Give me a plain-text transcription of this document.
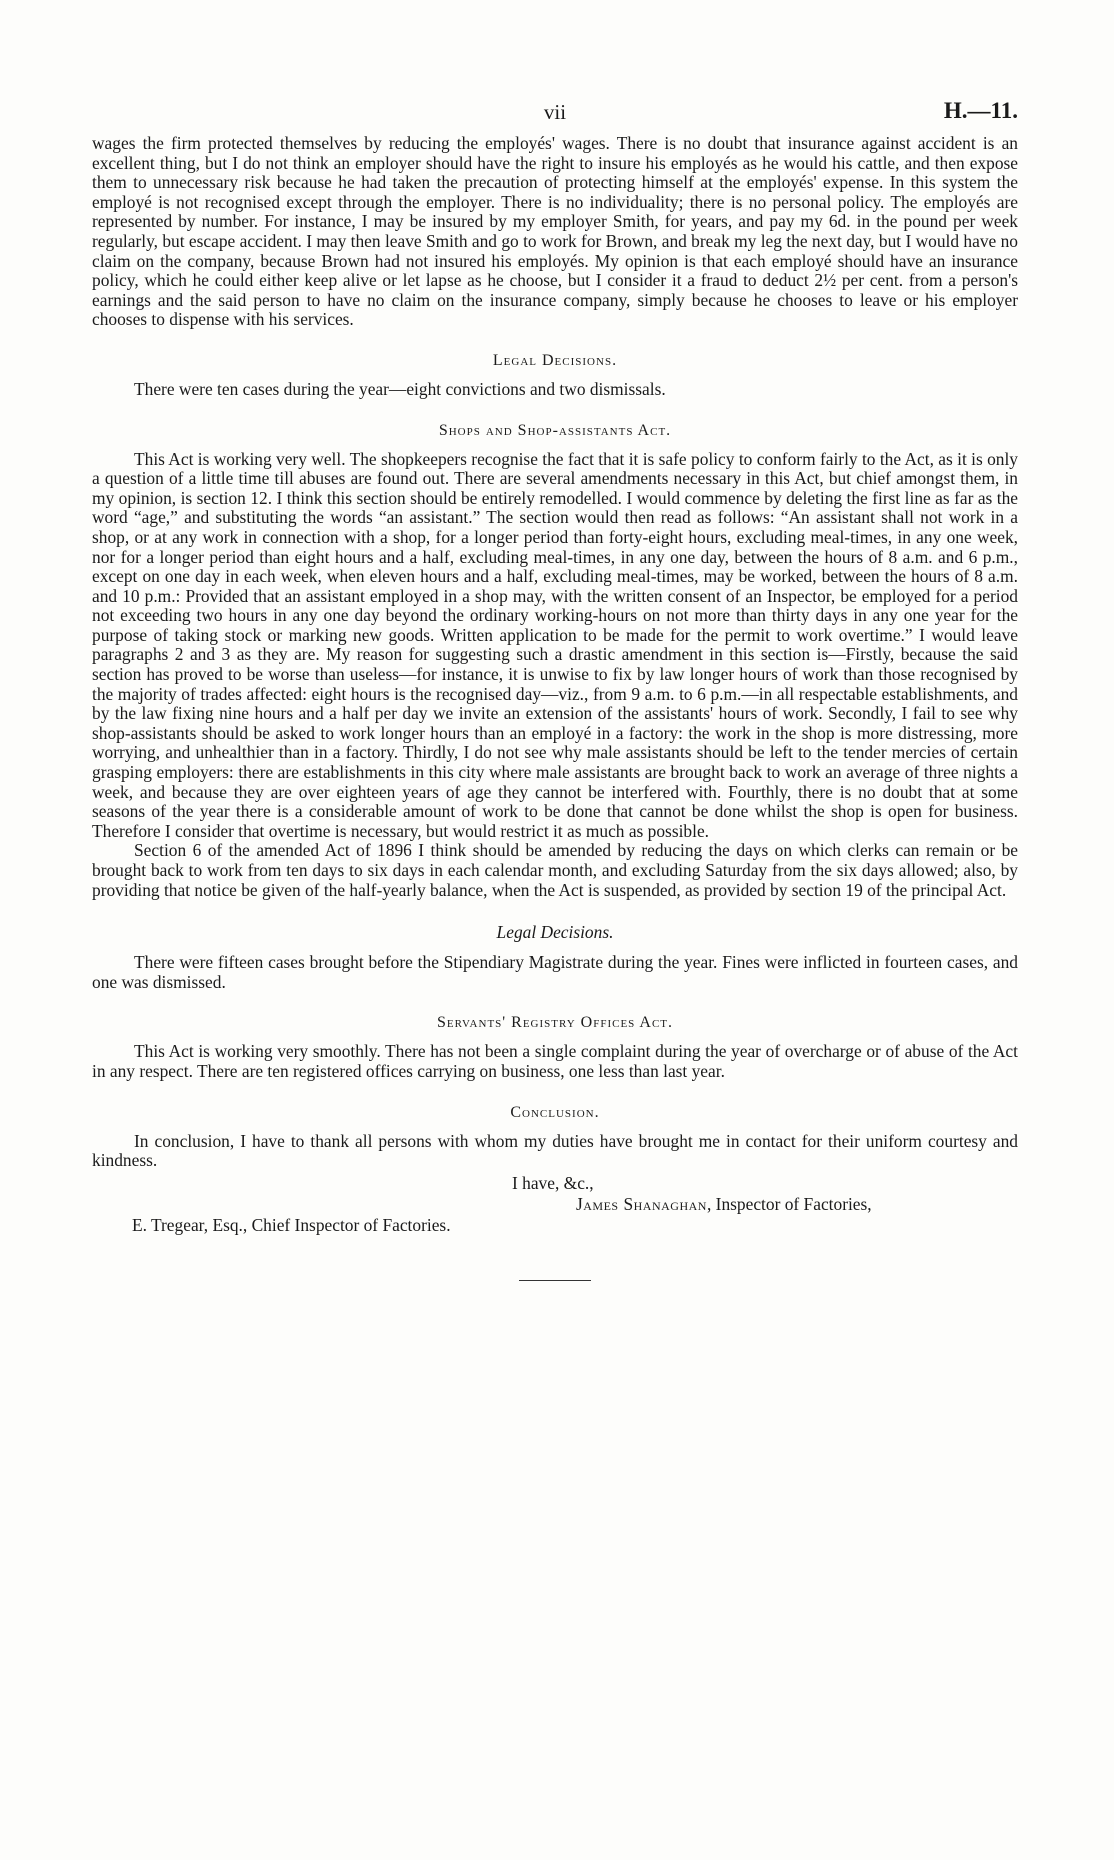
vii	H.—11.

wages the firm protected themselves by reducing the employés' wages. There is no doubt that insurance against accident is an excellent thing, but I do not think an employer should have the right to insure his employés as he would his cattle, and then expose them to unnecessary risk because he had taken the precaution of protecting himself at the employés' expense. In this system the employé is not recognised except through the employer. There is no individuality; there is no personal policy. The employés are represented by number. For instance, I may be insured by my employer Smith, for years, and pay my 6d. in the pound per week regularly, but escape accident. I may then leave Smith and go to work for Brown, and break my leg the next day, but I would have no claim on the company, because Brown had not insured his employés. My opinion is that each employé should have an insurance policy, which he could either keep alive or let lapse as he choose, but I consider it a fraud to deduct 2½ per cent. from a person's earnings and the said person to have no claim on the insurance company, simply because he chooses to leave or his employer chooses to dispense with his services.

Legal Decisions.

There were ten cases during the year—eight convictions and two dismissals.

Shops and Shop-assistants Act.

This Act is working very well. The shopkeepers recognise the fact that it is safe policy to conform fairly to the Act, as it is only a question of a little time till abuses are found out. There are several amendments necessary in this Act, but chief amongst them, in my opinion, is section 12. I think this section should be entirely remodelled. I would commence by deleting the first line as far as the word “age,” and substituting the words “an assistant.” The section would then read as follows: “An assistant shall not work in a shop, or at any work in connection with a shop, for a longer period than forty-eight hours, excluding meal-times, in any one week, nor for a longer period than eight hours and a half, excluding meal-times, in any one day, between the hours of 8 a.m. and 6 p.m., except on one day in each week, when eleven hours and a half, excluding meal-times, may be worked, between the hours of 8 a.m. and 10 p.m.: Provided that an assistant employed in a shop may, with the written consent of an Inspector, be employed for a period not exceeding two hours in any one day beyond the ordinary working-hours on not more than thirty days in any one year for the purpose of taking stock or marking new goods. Written application to be made for the permit to work overtime.” I would leave paragraphs 2 and 3 as they are. My reason for suggesting such a drastic amendment in this section is—Firstly, because the said section has proved to be worse than useless—for instance, it is unwise to fix by law longer hours of work than those recognised by the majority of trades affected: eight hours is the recognised day—viz., from 9 a.m. to 6 p.m.—in all respectable establishments, and by the law fixing nine hours and a half per day we invite an extension of the assistants' hours of work. Secondly, I fail to see why shop-assistants should be asked to work longer hours than an employé in a factory: the work in the shop is more distressing, more worrying, and unhealthier than in a factory. Thirdly, I do not see why male assistants should be left to the tender mercies of certain grasping employers: there are establishments in this city where male assistants are brought back to work an average of three nights a week, and because they are over eighteen years of age they cannot be interfered with. Fourthly, there is no doubt that at some seasons of the year there is a considerable amount of work to be done that cannot be done whilst the shop is open for business. Therefore I consider that overtime is necessary, but would restrict it as much as possible.

Section 6 of the amended Act of 1896 I think should be amended by reducing the days on which clerks can remain or be brought back to work from ten days to six days in each calendar month, and excluding Saturday from the six days allowed; also, by providing that notice be given of the half-yearly balance, when the Act is suspended, as provided by section 19 of the principal Act.

Legal Decisions.

There were fifteen cases brought before the Stipendiary Magistrate during the year. Fines were inflicted in fourteen cases, and one was dismissed.

Servants' Registry Offices Act.

This Act is working very smoothly. There has not been a single complaint during the year of overcharge or of abuse of the Act in any respect. There are ten registered offices carrying on business, one less than last year.

Conclusion.

In conclusion, I have to thank all persons with whom my duties have brought me in contact for their uniform courtesy and kindness.

I have, &c.,
James Shanaghan, Inspector of Factories,
E. Tregear, Esq., Chief Inspector of Factories.
